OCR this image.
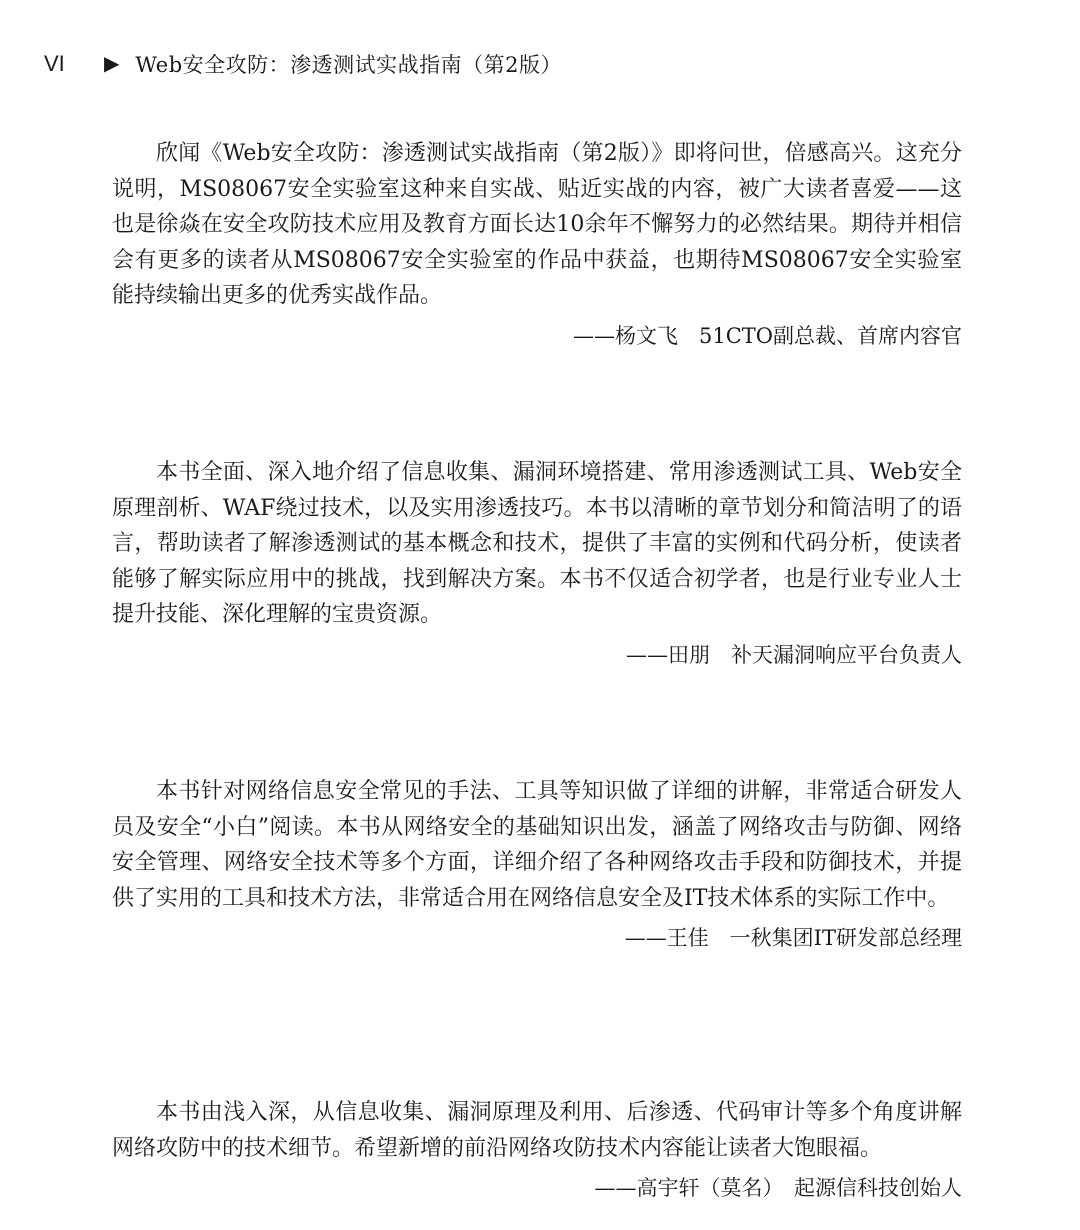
VI	▶ Web安全攻防：渗透测试实战指南（第2版）

欣闻《Web安全攻防：渗透测试实战指南（第2版）》即将问世，倍感高兴。这充分说明，MS08067安全实验室这种来自实战、贴近实战的内容，被广大读者喜爱——这也是徐焱在安全攻防技术应用及教育方面长达10余年不懈努力的必然结果。期待并相信会有更多的读者从MS08067安全实验室的作品中获益，也期待MS08067安全实验室能持续输出更多的优秀实战作品。

——杨文飞　51CTO副总裁、首席内容官

本书全面、深入地介绍了信息收集、漏洞环境搭建、常用渗透测试工具、Web安全原理剖析、WAF绕过技术，以及实用渗透技巧。本书以清晰的章节划分和简洁明了的语言，帮助读者了解渗透测试的基本概念和技术，提供了丰富的实例和代码分析，使读者能够了解实际应用中的挑战，找到解决方案。本书不仅适合初学者，也是行业专业人士提升技能、深化理解的宝贵资源。

——田朋　补天漏洞响应平台负责人

本书针对网络信息安全常见的手法、工具等知识做了详细的讲解，非常适合研发人员及安全“小白”阅读。本书从网络安全的基础知识出发，涵盖了网络攻击与防御、网络安全管理、网络安全技术等多个方面，详细介绍了各种网络攻击手段和防御技术，并提供了实用的工具和技术方法，非常适合用在网络信息安全及IT技术体系的实际工作中。

——王佳　一秋集团IT研发部总经理

本书由浅入深，从信息收集、漏洞原理及利用、后渗透、代码审计等多个角度讲解网络攻防中的技术细节。希望新增的前沿网络攻防技术内容能让读者大饱眼福。

——高宇轩（莫名）　起源信科技创始人
